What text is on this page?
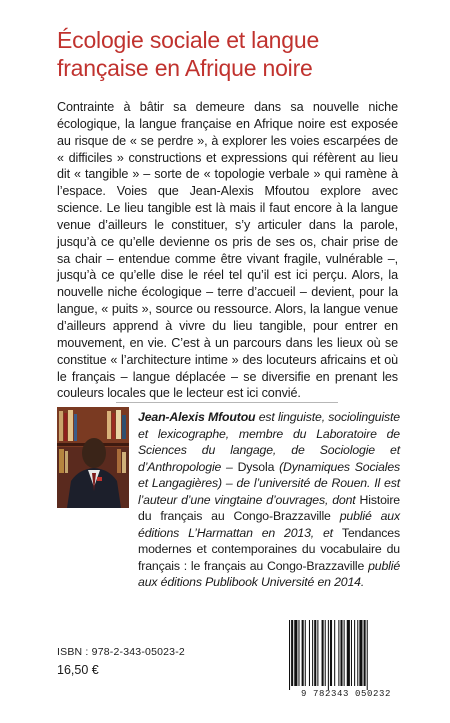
Écologie sociale et langue
française en Afrique noire

Contrainte à bâtir sa demeure dans sa nouvelle niche écologique, la langue française en Afrique noire est exposée au risque de « se perdre », à explorer les voies escarpées de « difficiles » constructions et expressions qui réfèrent au lieu dit « tangible » – sorte de « topologie verbale » qui ramène à l’espace. Voies que Jean-Alexis Mfoutou explore avec science. Le lieu tangible est là mais il faut encore à la langue venue d’ailleurs le constituer, s’y articuler dans la parole, jusqu’à ce qu’elle devienne os pris de ses os, chair prise de sa chair – entendue comme être vivant fragile, vulnérable –, jusqu’à ce qu’elle dise le réel tel qu’il est ici perçu. Alors, la nouvelle niche écologique – terre d’accueil – devient, pour la langue, « puits », source ou ressource. Alors, la langue venue d’ailleurs apprend à vivre du lieu tangible, pour entrer en mouvement, en vie. C’est à un parcours dans les lieux où se constitue « l’architecture intime » des locuteurs africains et où le français – langue déplacée – se diversifie en prenant les couleurs locales que le lecteur est ici convié.

Jean-Alexis Mfoutou est linguiste, sociolinguiste et lexicographe, membre du Laboratoire de Sciences du langage, de Sociologie et d’Anthropologie – Dysola (Dynamiques Sociales et Langagières) – de l’université de Rouen. Il est l’auteur d’une vingtaine d’ouvrages, dont Histoire du français au Congo-Brazzaville publié aux éditions L’Harmattan en 2013, et Tendances modernes et contemporaines du vocabulaire du français : le français au Congo-Brazzaville publié aux éditions Publibook Université en 2014.

ISBN : 978-2-343-05023-2
16,50 €
9 782343 050232
